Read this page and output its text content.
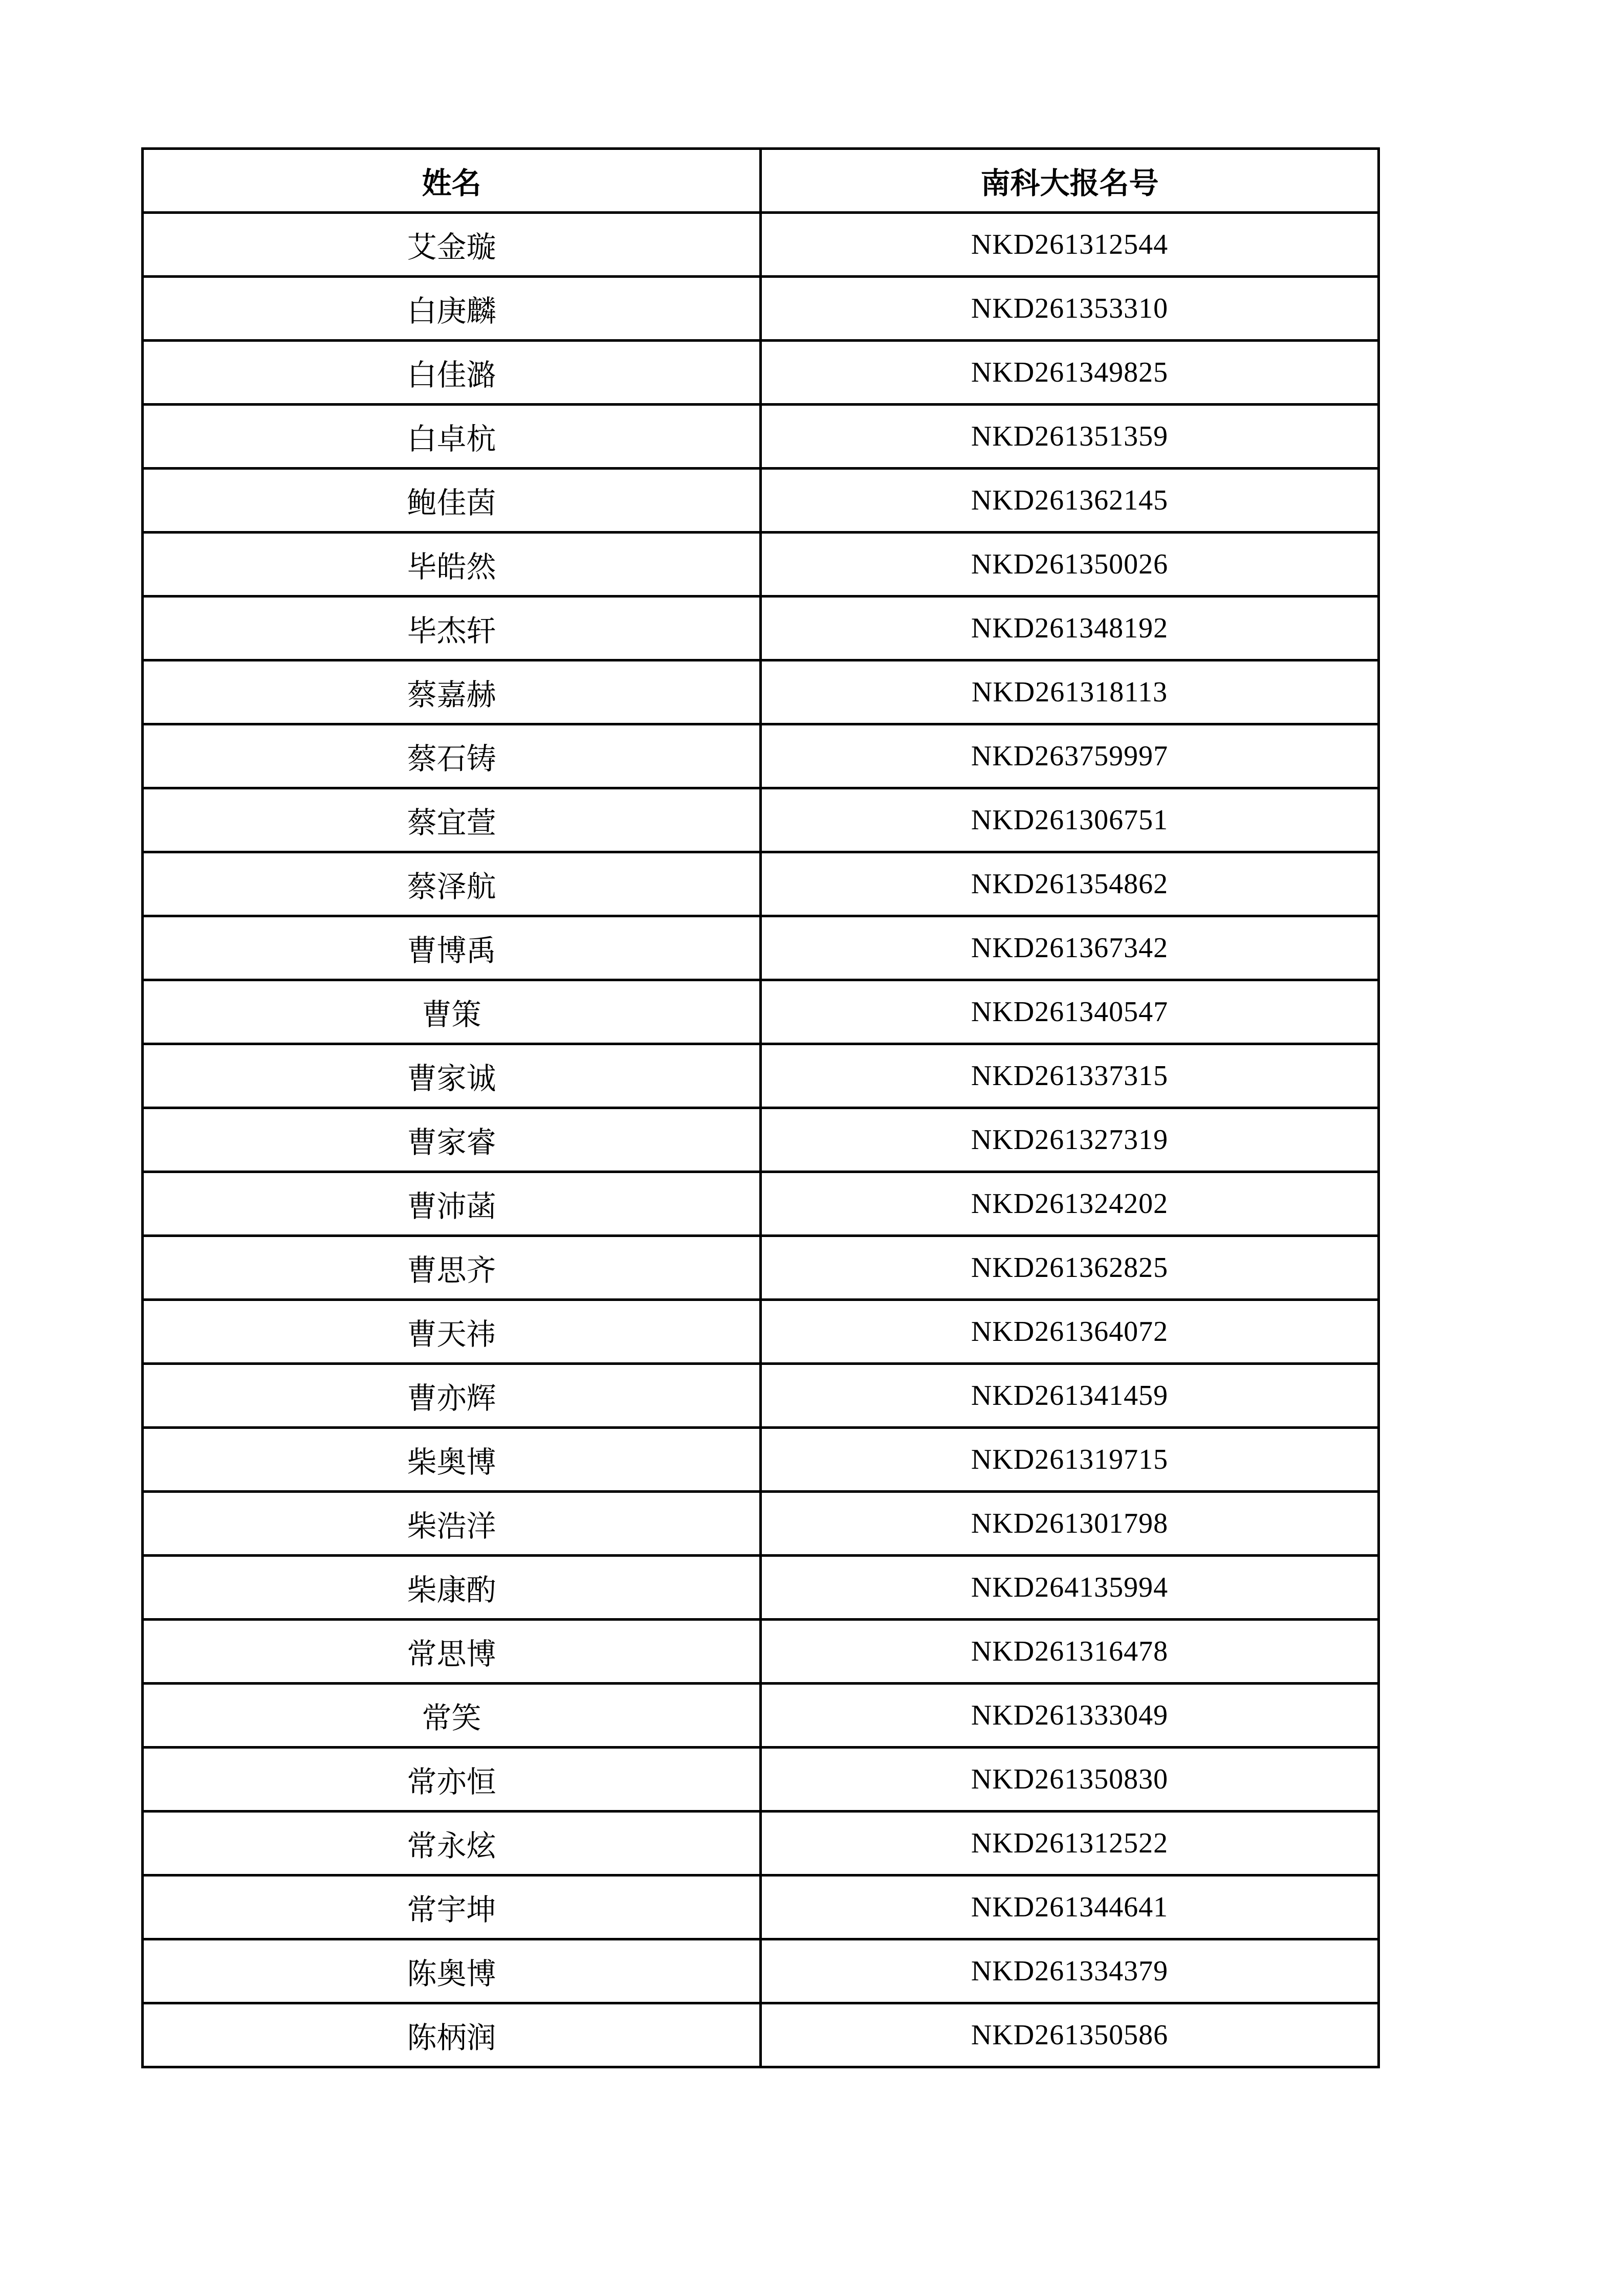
姓名	南科大报名号
艾金璇	NKD261312544
白庚麟	NKD261353310
白佳潞	NKD261349825
白卓杭	NKD261351359
鲍佳茵	NKD261362145
毕皓然	NKD261350026
毕杰轩	NKD261348192
蔡嘉赫	NKD261318113
蔡石铸	NKD263759997
蔡宜萱	NKD261306751
蔡泽航	NKD261354862
曹博禹	NKD261367342
曹策	NKD261340547
曹家诚	NKD261337315
曹家睿	NKD261327319
曹沛菡	NKD261324202
曹思齐	NKD261362825
曹天祎	NKD261364072
曹亦辉	NKD261341459
柴奥博	NKD261319715
柴浩洋	NKD261301798
柴康酌	NKD264135994
常思博	NKD261316478
常笑	NKD261333049
常亦恒	NKD261350830
常永炫	NKD261312522
常宇坤	NKD261344641
陈奥博	NKD261334379
陈柄润	NKD261350586
